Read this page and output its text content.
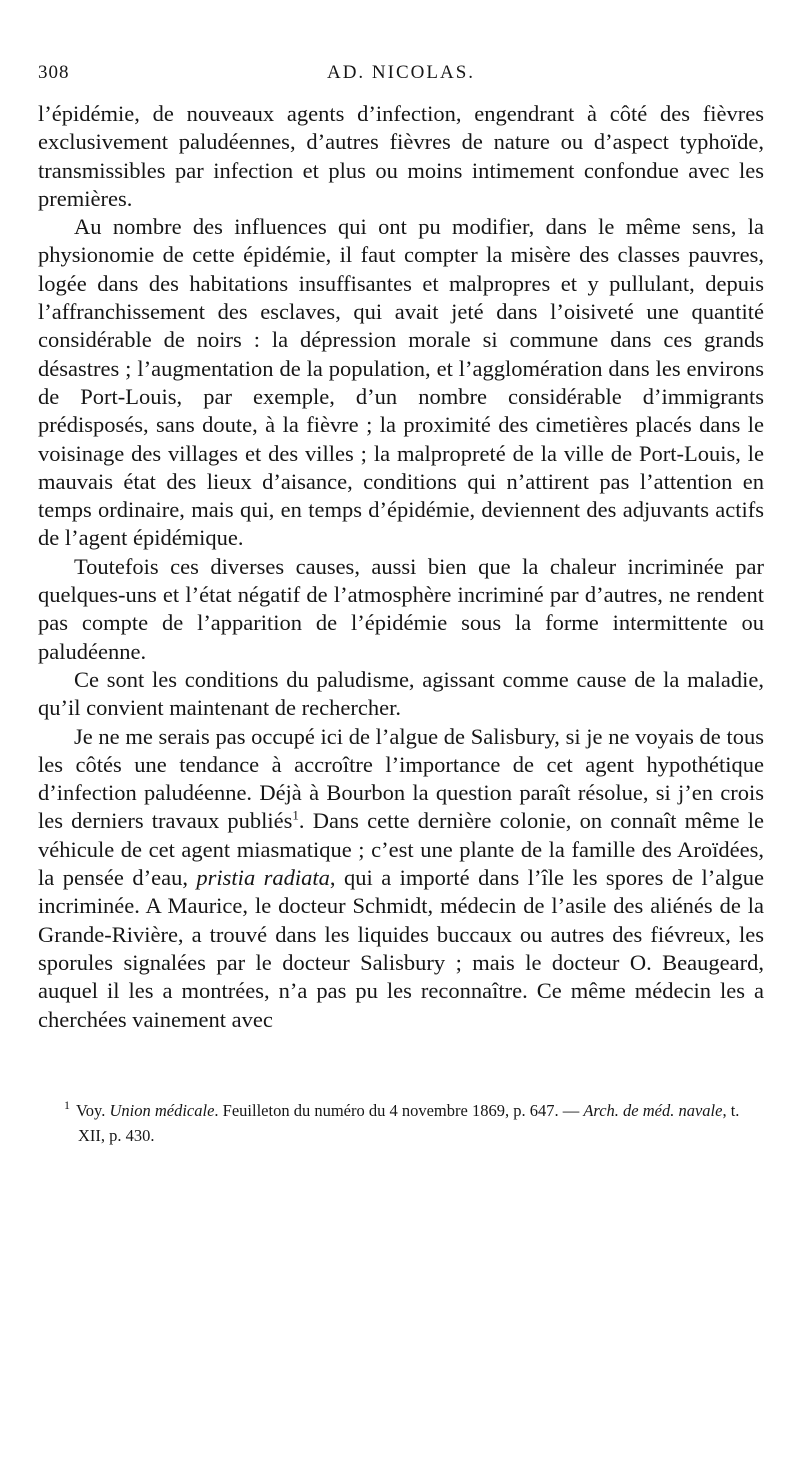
308	AD. NICOLAS.

l’épidémie, de nouveaux agents d’infection, engendrant à côté des fièvres exclusivement paludéennes, d’autres fièvres de nature ou d’aspect typhoïde, transmissibles par infection et plus ou moins intimement confondue avec les premières.

Au nombre des influences qui ont pu modifier, dans le même sens, la physionomie de cette épidémie, il faut compter la misère des classes pauvres, logée dans des habitations insuffisantes et malpropres et y pullulant, depuis l’affranchissement des esclaves, qui avait jeté dans l’oisiveté une quantité considérable de noirs : la dépression morale si commune dans ces grands désastres ; l’augmentation de la population, et l’agglomération dans les environs de Port-Louis, par exemple, d’un nombre considérable d’immigrants prédisposés, sans doute, à la fièvre ; la proximité des cimetières placés dans le voisinage des villages et des villes ; la malpropreté de la ville de Port-Louis, le mauvais état des lieux d’aisance, conditions qui n’attirent pas l’attention en temps ordinaire, mais qui, en temps d’épidémie, deviennent des adjuvants actifs de l’agent épidémique.

Toutefois ces diverses causes, aussi bien que la chaleur incriminée par quelques-uns et l’état négatif de l’atmosphère incriminé par d’autres, ne rendent pas compte de l’apparition de l’épidémie sous la forme intermittente ou paludéenne.

Ce sont les conditions du paludisme, agissant comme cause de la maladie, qu’il convient maintenant de rechercher.

Je ne me serais pas occupé ici de l’algue de Salisbury, si je ne voyais de tous les côtés une tendance à accroître l’importance de cet agent hypothétique d’infection paludéenne. Déjà à Bourbon la question paraît résolue, si j’en crois les derniers travaux publiés$^1$. Dans cette dernière colonie, on connaît même le véhicule de cet agent miasmatique ; c’est une plante de la famille des Aroïdées, la pensée d’eau, pristia radiata, qui a importé dans l’île les spores de l’algue incriminée. A Maurice, le docteur Schmidt, médecin de l’asile des aliénés de la Grande-Rivière, a trouvé dans les liquides buccaux ou autres des fiévreux, les sporules signalées par le docteur Salisbury ; mais le docteur O. Beaugeard, auquel il les a montrées, n’a pas pu les reconnaître. Ce même médecin les a cherchées vainement avec

$^1$ Voy. Union médicale. Feuilleton du numéro du 4 novembre 1869, p. 647. — Arch. de méd. navale, t. XII, p. 430.
